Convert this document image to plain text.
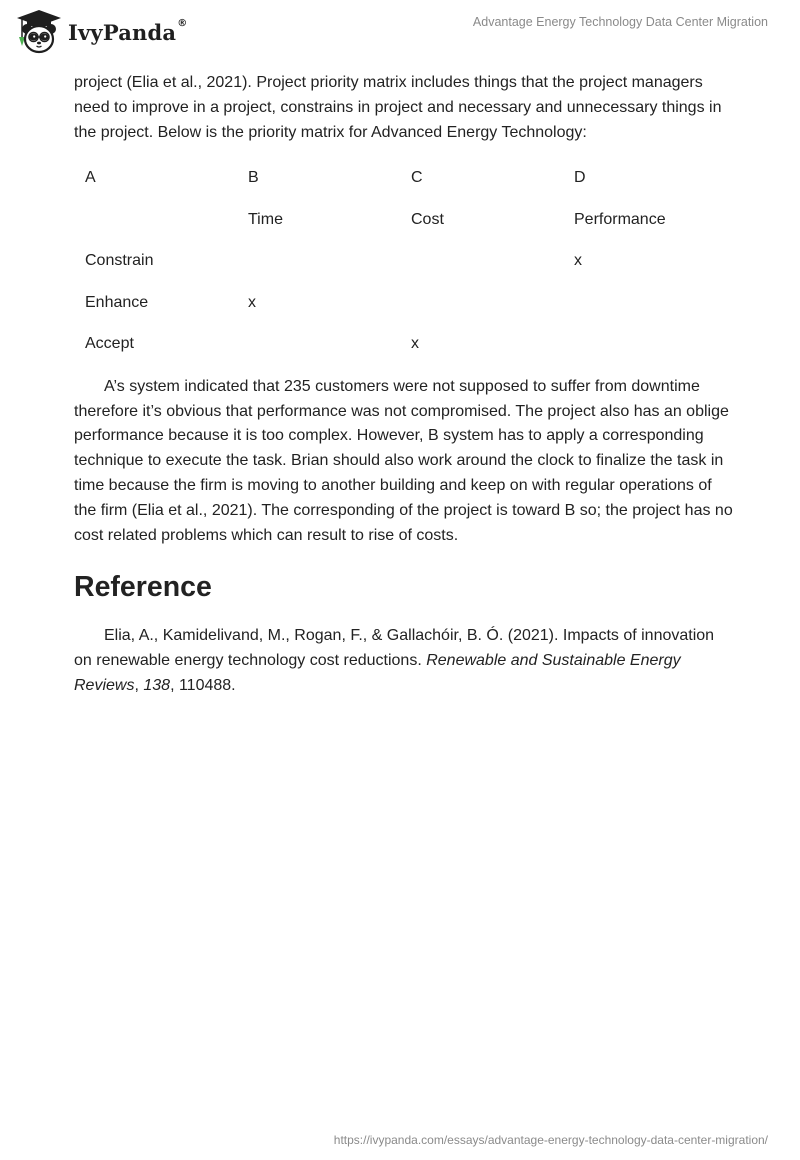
IvyPanda ®	Advantage Energy Technology Data Center Migration

project (Elia et al., 2021). Project priority matrix includes things that the project managers need to improve in a project, constrains in project and necessary and unnecessary things in the project. Below is the priority matrix for Advanced Energy Technology:

A	B	C	D
	Time	Cost	Performance
Constrain			x
Enhance	x		
Accept		x	

A’s system indicated that 235 customers were not supposed to suffer from downtime therefore it’s obvious that performance was not compromised. The project also has an oblige performance because it is too complex. However, B system has to apply a corresponding technique to execute the task. Brian should also work around the clock to finalize the task in time because the firm is moving to another building and keep on with regular operations of the firm (Elia et al., 2021). The corresponding of the project is toward B so; the project has no cost related problems which can result to rise of costs.

Reference

Elia, A., Kamidelivand, M., Rogan, F., & Gallachóir, B. Ó. (2021). Impacts of innovation on renewable energy technology cost reductions. Renewable and Sustainable Energy Reviews, 138, 110488.

https://ivypanda.com/essays/advantage-energy-technology-data-center-migration/
